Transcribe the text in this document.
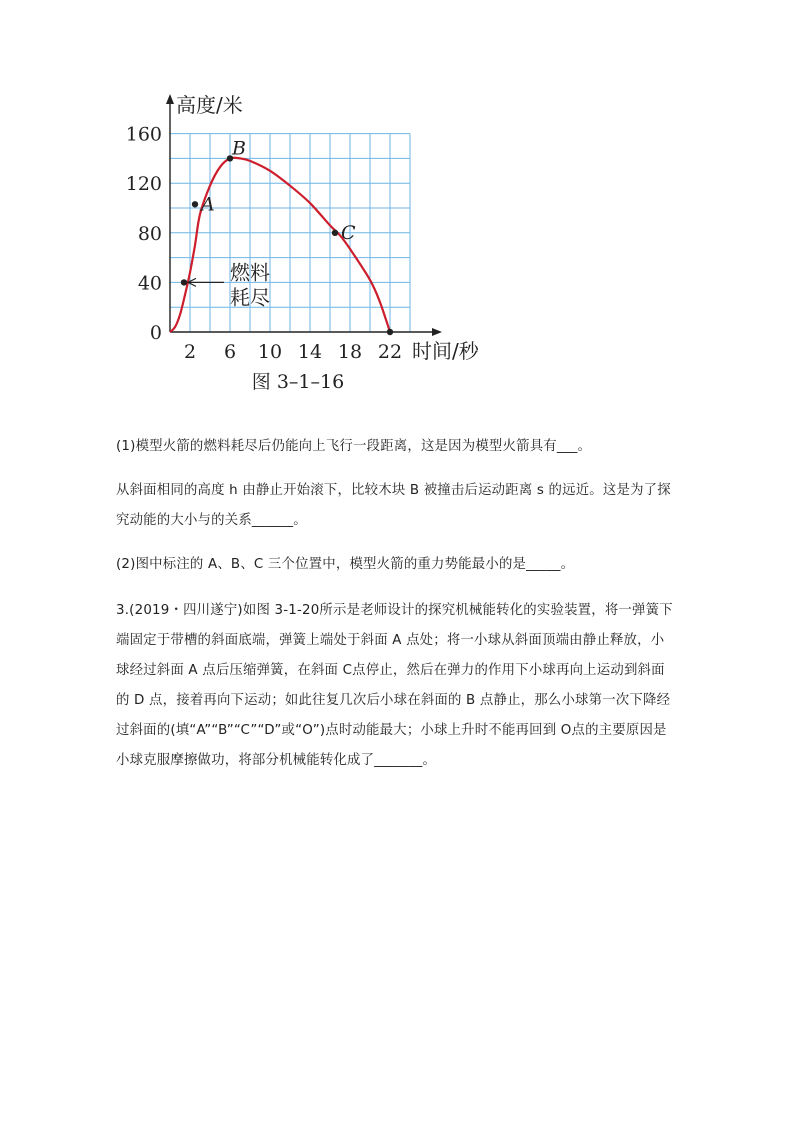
0
40
80
120
160
2 6 10 14 18 22
A
B
C
燃料
耗尽
高度/米
时间/秒
图 3–1–16
(1)模型火箭的燃料耗尽后仍能向上飞行一段距离，这是因为模型火箭具有___。
从斜面相同的高度 h 由静止开始滚下，比较木块 B 被撞击后运动距离 s 的远近。这是为了探究动能的大小与的关系______。
(2)图中标注的 A、B、C 三个位置中，模型火箭的重力势能最小的是_____。
3.(2019・四川遂宁)如图 3-1-20所示是老师设计的探究机械能转化的实验装置，将一弹簧下端固定于带槽的斜面底端，弹簧上端处于斜面 A 点处；将一小球从斜面顶端由静止释放，小球经过斜面 A 点后压缩弹簧，在斜面 C点停止，然后在弹力的作用下小球再向上运动到斜面的 D 点，接着再向下运动；如此往复几次后小球在斜面的 B 点静止，那么小球第一次下降经过斜面的(填“A”“B”“C”“D”或“O”)点时动能最大；小球上升时不能再回到 O点的主要原因是小球克服摩擦做功，将部分机械能转化成了_______。
